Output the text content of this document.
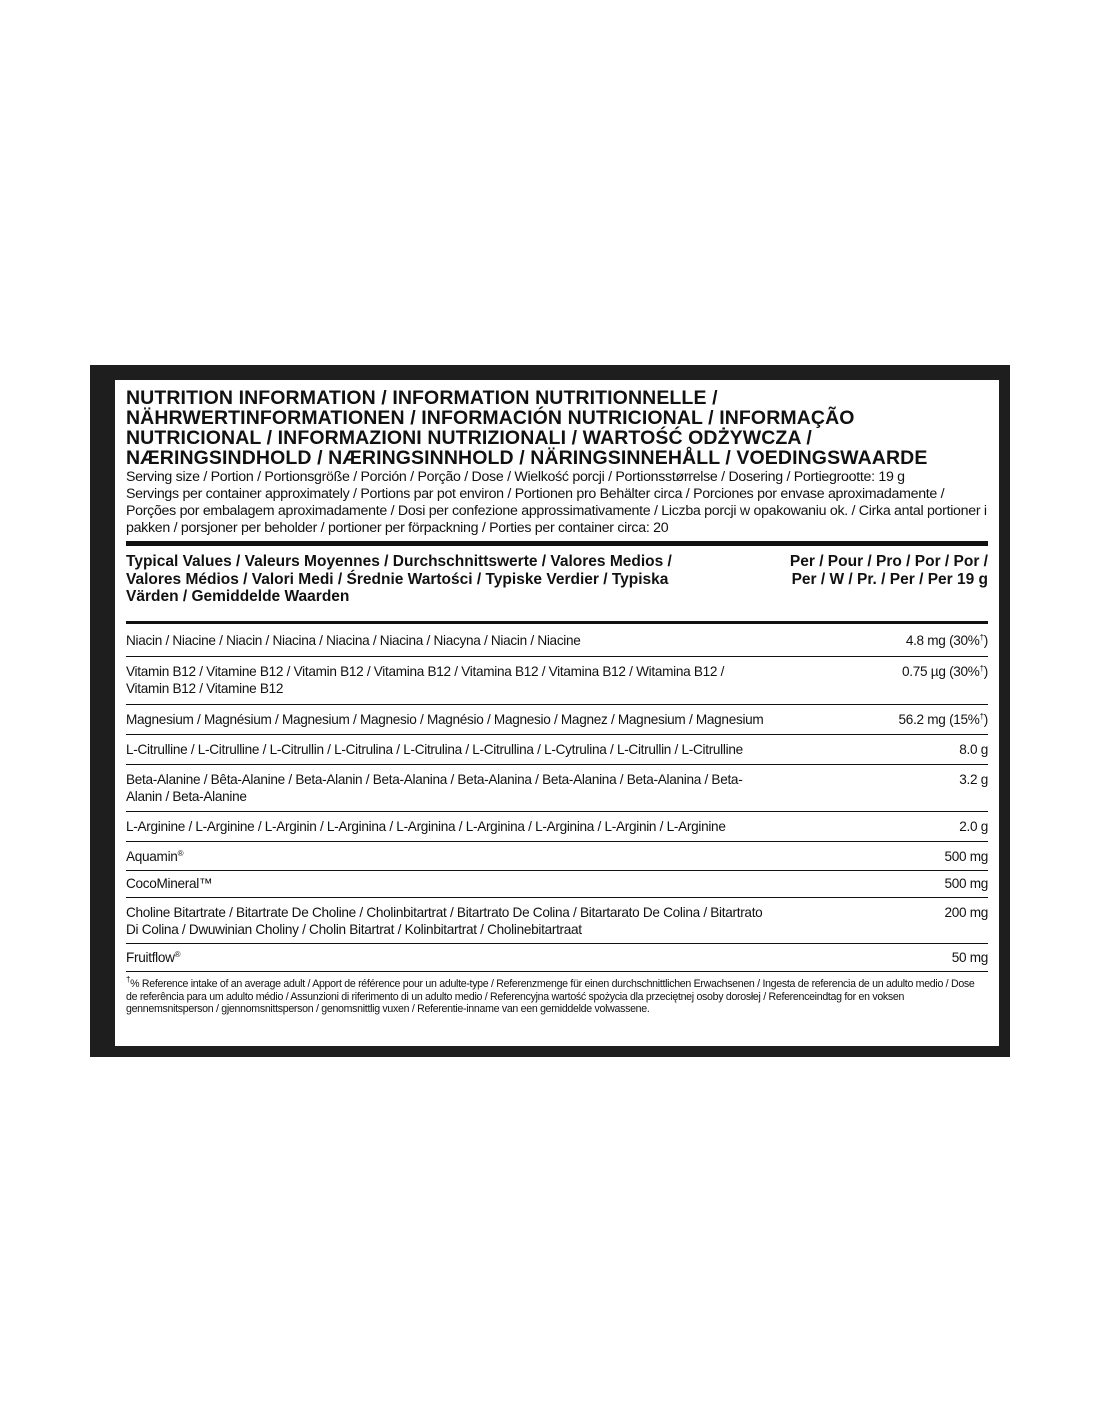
NUTRITION INFORMATION / INFORMATION NUTRITIONNELLE / NÄHRWERTINFORMATIONEN / INFORMACIÓN NUTRICIONAL / INFORMAÇÃO NUTRICIONAL / INFORMAZIONI NUTRIZIONALI / WARTOŚĆ ODŻYWCZA / NÆRINGSINDHOLD / NÆRINGSINNHOLD / NÄRINGSINNEHÅLL / VOEDINGSWAARDE
Serving size / Portion / Portionsgröße / Porción / Porção / Dose / Wielkość porcji / Portionsstørrelse / Dosering / Portiegrootte: 19 g
Servings per container approximately / Portions par pot environ / Portionen pro Behälter circa / Porciones por envase aproximadamente / Porções por embalagem aproximadamente / Dosi per confezione approssimativamente / Liczba porcji w opakowaniu ok. / Cirka antal portioner i pakken / porsjoner per beholder / portioner per förpackning / Porties per container circa: 20
Typical Values / Valeurs Moyennes / Durchschnittswerte / Valores Medios / Valores Médios / Valori Medi / Średnie Wartości / Typiske Verdier / Typiska Värden / Gemiddelde Waarden
Per / Pour / Pro / Por / Por / Per / W / Pr. / Per / Per 19 g
Niacin / Niacine / Niacin / Niacina / Niacina / Niacina / Niacyna / Niacin / Niacine	4.8 mg (30%†)
Vitamin B12 / Vitamine B12 / Vitamin B12 / Vitamina B12 / Vitamina B12 / Vitamina B12 / Witamina B12 / Vitamin B12 / Vitamine B12
0.75 µg (30%†)
Magnesium / Magnésium / Magnesium / Magnesio / Magnésio / Magnesio / Magnez / Magnesium / Magnesium	56.2 mg (15%†)
L-Citrulline / L-Citrulline / L-Citrullin / L-Citrulina / L-Citrulina / L-Citrullina / L-Cytrulina / L-Citrullin / L-Citrulline	8.0 g
Beta-Alanine / Bêta-Alanine / Beta-Alanin / Beta-Alanina / Beta-Alanina / Beta-Alanina / Beta-Alanina / Beta-Alanin / Beta-Alanine
3.2 g
L-Arginine / L-Arginine / L-Arginin / L-Arginina / L-Arginina / L-Arginina / L-Arginina / L-Arginin / L-Arginine	2.0 g
Aquamin®	500 mg
CocoMineral™	500 mg
Choline Bitartrate / Bitartrate De Choline / Cholinbitartrat / Bitartrato De Colina / Bitartarato De Colina / Bitartrato Di Colina / Dwuwinian Choliny / Cholin Bitartrat / Kolinbitartrat / Cholinebitartraat
200 mg
Fruitflow®	50 mg
†% Reference intake of an average adult / Apport de référence pour un adulte-type / Referenzmenge für einen durchschnittlichen Erwachsenen / Ingesta de referencia de un adulto medio / Dose de referência para um adulto médio / Assunzioni di riferimento di un adulto medio / Referencyjna wartość spożycia dla przeciętnej osoby dorosłej / Referenceindtag for en voksen gennemsnitsperson / gjennomsnittsperson / genomsnittlig vuxen / Referentie-inname van een gemiddelde volwassene.
